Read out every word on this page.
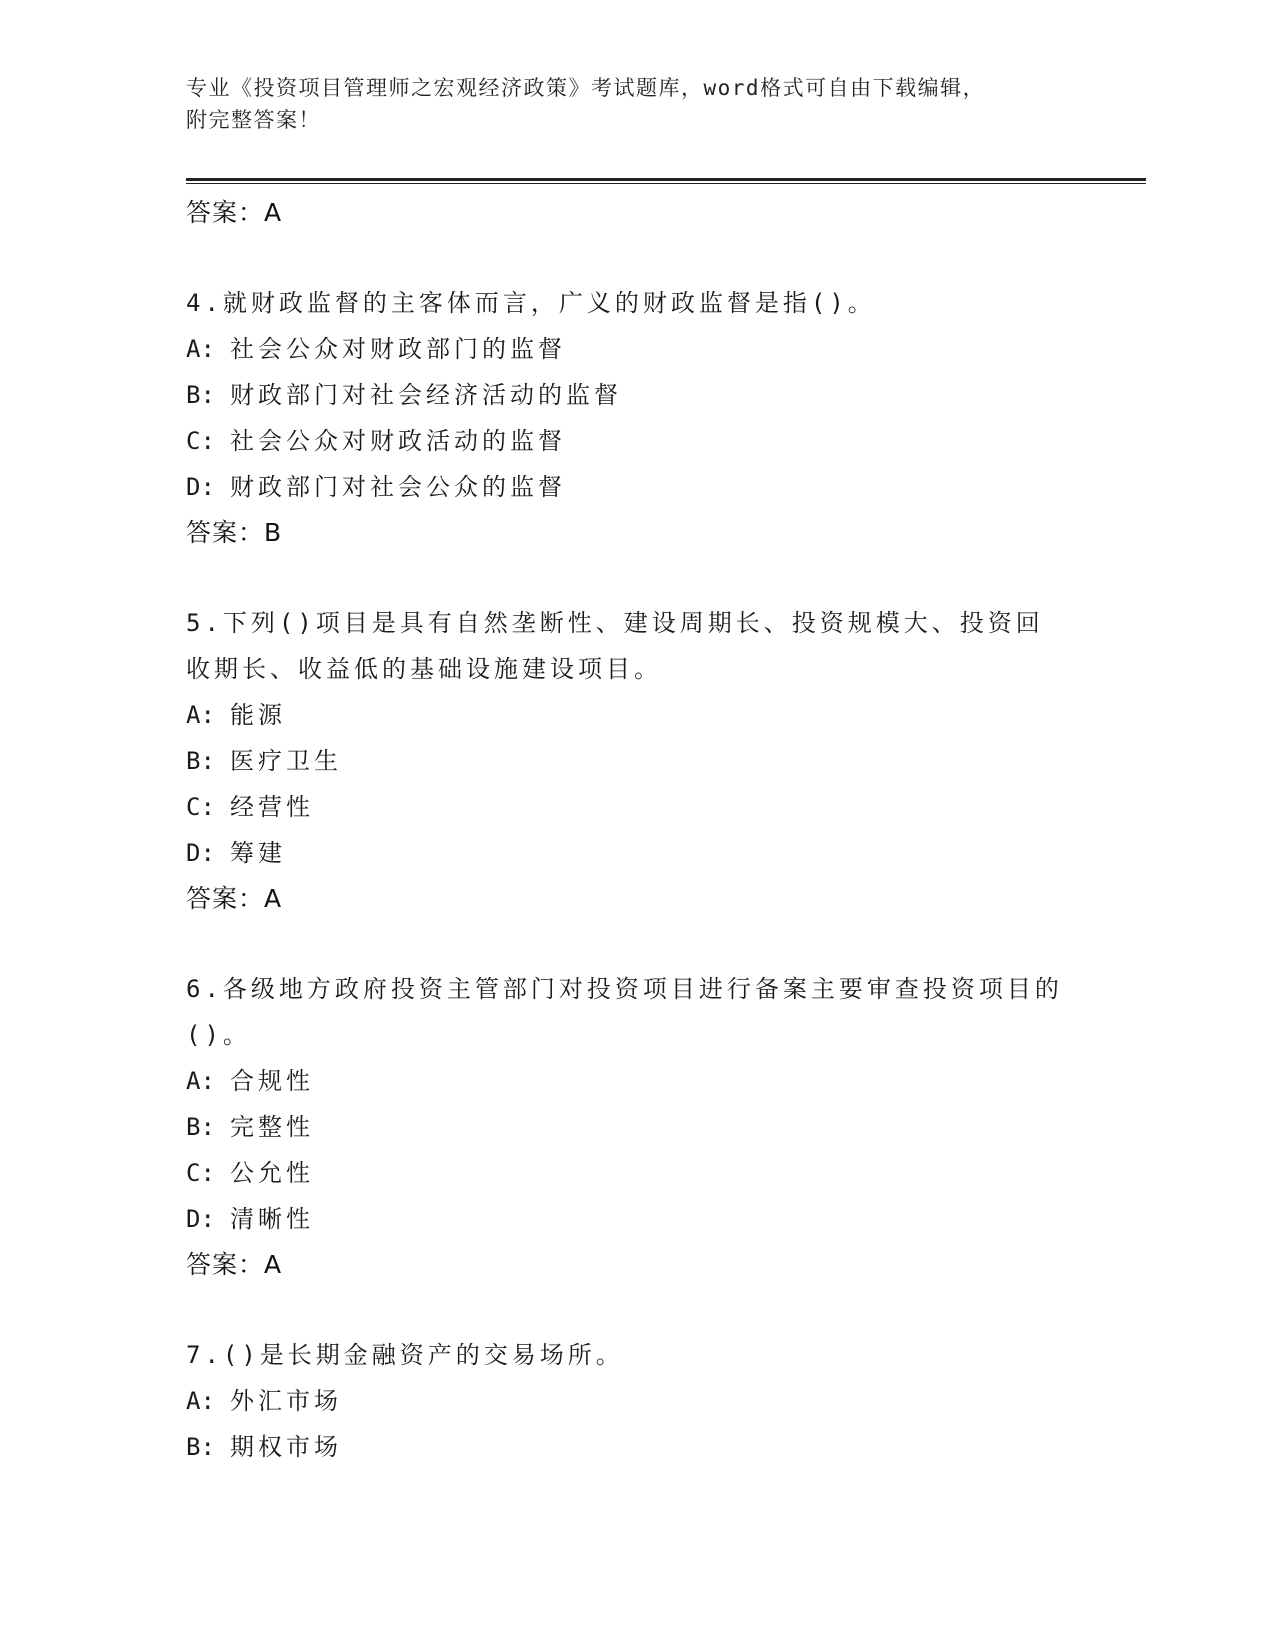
专业《投资项目管理师之宏观经济政策》考试题库，word格式可自由下载编辑，
附完整答案！
答案：A
4.就财政监督的主客体而言，广义的财政监督是指()。
A: 社会公众对财政部门的监督
B: 财政部门对社会经济活动的监督
C: 社会公众对财政活动的监督
D: 财政部门对社会公众的监督
答案：B
5.下列()项目是具有自然垄断性、建设周期长、投资规模大、投资回收期长、收益低的基础设施建设项目。
A: 能源
B: 医疗卫生
C: 经营性
D: 筹建
答案：A
6.各级地方政府投资主管部门对投资项目进行备案主要审查投资项目的()。
A: 合规性
B: 完整性
C: 公允性
D: 清晰性
答案：A
7.()是长期金融资产的交易场所。
A: 外汇市场
B: 期权市场
